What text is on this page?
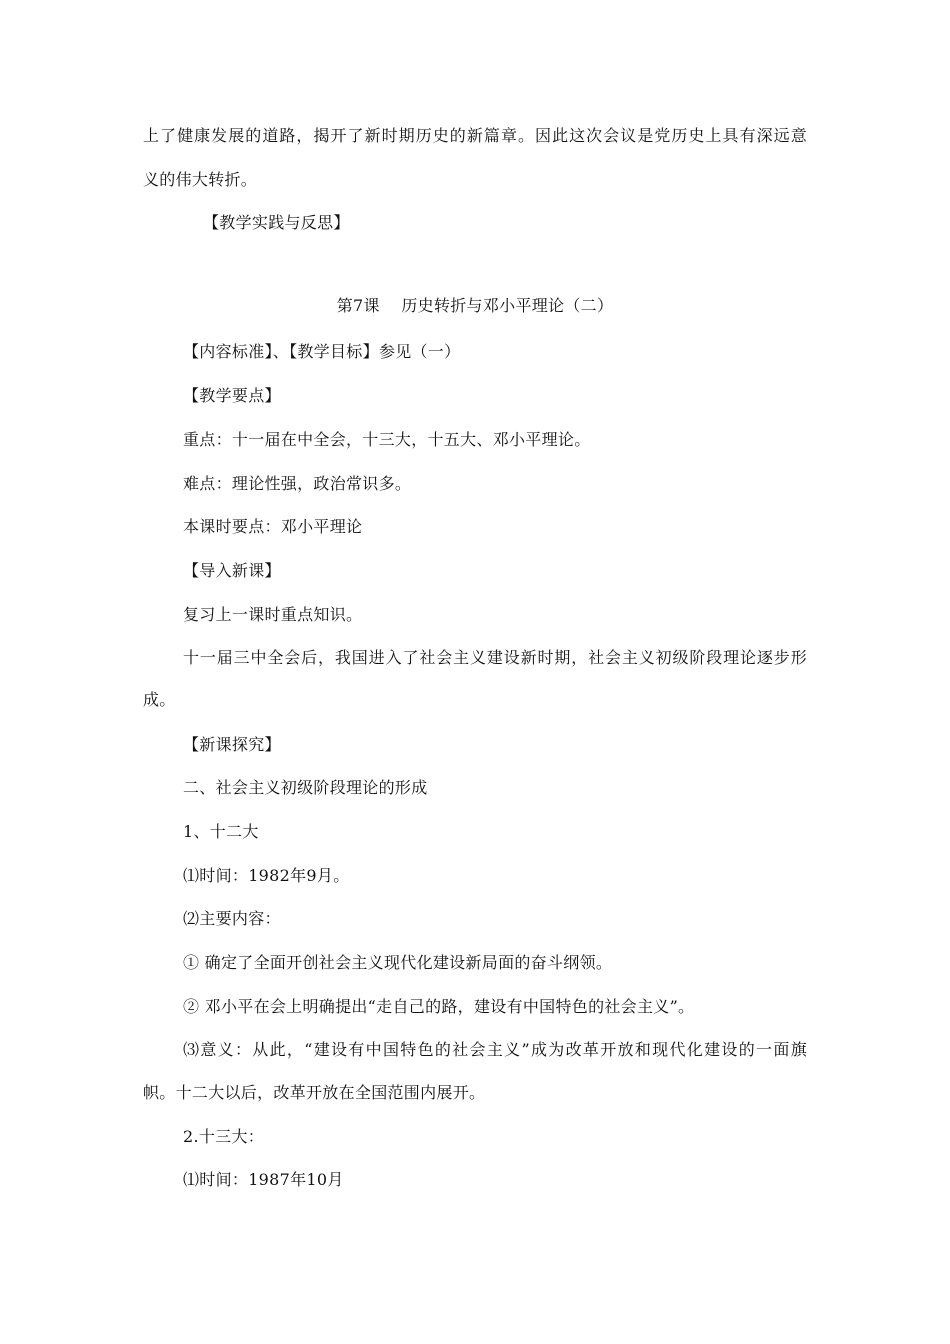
上了健康发展的道路，揭开了新时期历史的新篇章。因此这次会议是党历史上具有深远意
义的伟大转折。
【教学实践与反思】
第7课    历史转折与邓小平理论（二）
【内容标准】、【教学目标】参见（一）
【教学要点】
重点：十一届在中全会，十三大，十五大、邓小平理论。
难点：理论性强，政治常识多。
本课时要点：邓小平理论
【导入新课】
复习上一课时重点知识。
十一届三中全会后，我国进入了社会主义建设新时期，社会主义初级阶段理论逐步形
成。
【新课探究】
二、社会主义初级阶段理论的形成
1、十二大
⑴时间：1982年9月。
⑵主要内容：
① 确定了全面开创社会主义现代化建设新局面的奋斗纲领。
② 邓小平在会上明确提出“走自己的路，建设有中国特色的社会主义”。
⑶意义：从此，“建设有中国特色的社会主义”成为改革开放和现代化建设的一面旗
帜。十二大以后，改革开放在全国范围内展开。
2.十三大：
⑴时间：1987年10月
